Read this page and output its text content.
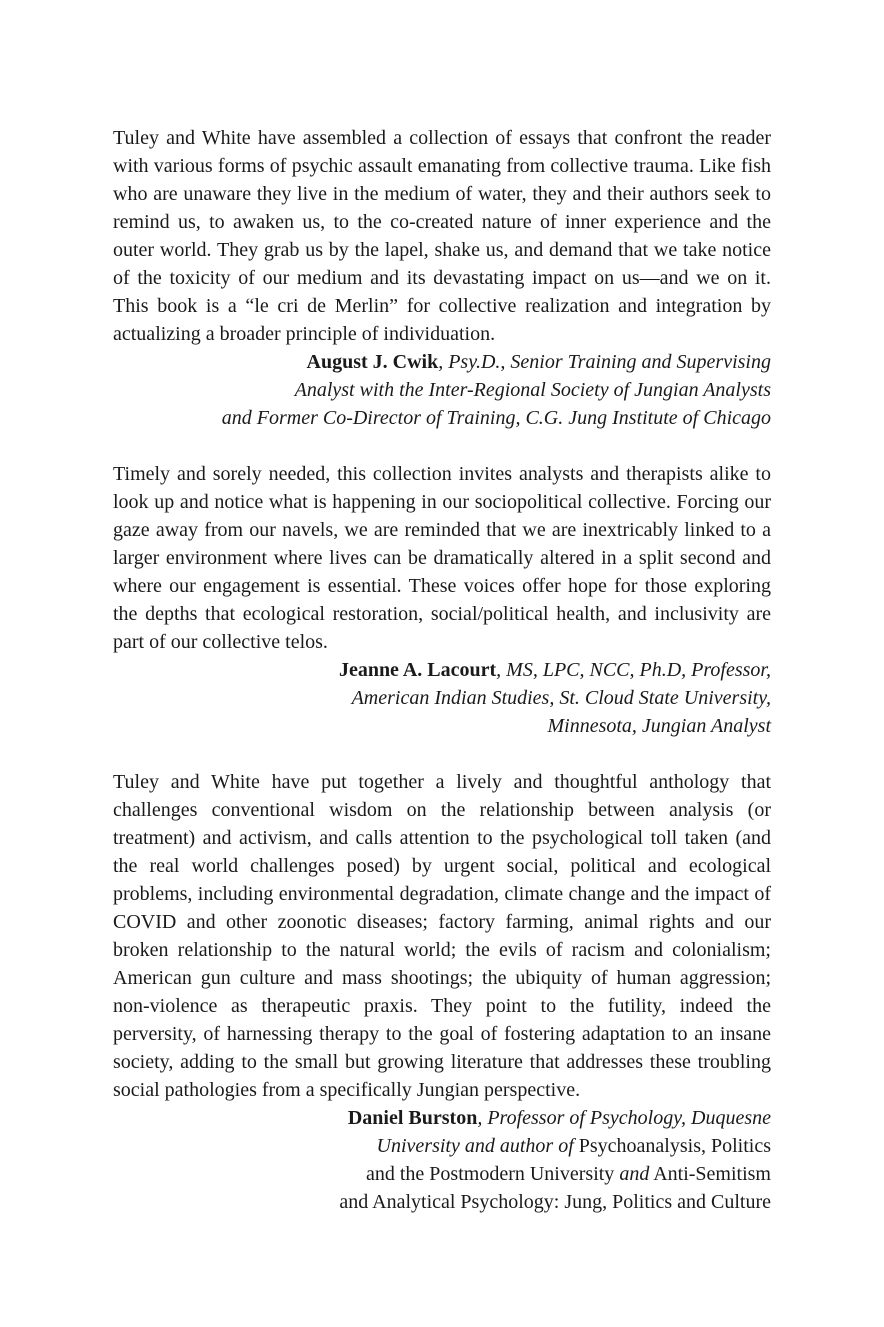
Tuley and White have assembled a collection of essays that confront the reader with various forms of psychic assault emanating from collective trauma. Like fish who are unaware they live in the medium of water, they and their authors seek to remind us, to awaken us, to the co-created nature of inner experience and the outer world. They grab us by the lapel, shake us, and demand that we take notice of the toxicity of our medium and its devastating impact on us—and we on it. This book is a “le cri de Merlin” for collective realization and integration by actualizing a broader principle of individuation.

August J. Cwik, Psy.D., Senior Training and Supervising
Analyst with the Inter-Regional Society of Jungian Analysts
and Former Co-Director of Training, C.G. Jung Institute of Chicago

Timely and sorely needed, this collection invites analysts and therapists alike to look up and notice what is happening in our sociopolitical collective. Forcing our gaze away from our navels, we are reminded that we are inextricably linked to a larger environment where lives can be dramatically altered in a split second and where our engagement is essential. These voices offer hope for those exploring the depths that ecological restoration, social/political health, and inclusivity are part of our collective telos.

Jeanne A. Lacourt, MS, LPC, NCC, Ph.D, Professor,
American Indian Studies, St. Cloud State University,
Minnesota, Jungian Analyst

Tuley and White have put together a lively and thoughtful anthology that challenges conventional wisdom on the relationship between analysis (or treatment) and activism, and calls attention to the psychological toll taken (and the real world challenges posed) by urgent social, political and ecological problems, including environmental degradation, climate change and the impact of COVID and other zoonotic diseases; factory farming, animal rights and our broken relationship to the natural world; the evils of racism and colonialism; American gun culture and mass shootings; the ubiquity of human aggression; non-violence as therapeutic praxis. They point to the futility, indeed the perversity, of harnessing therapy to the goal of fostering adaptation to an insane society, adding to the small but growing literature that addresses these troubling social pathologies from a specifically Jungian perspective.

Daniel Burston, Professor of Psychology, Duquesne
University and author of Psychoanalysis, Politics
and the Postmodern University and Anti-Semitism
and Analytical Psychology: Jung, Politics and Culture
